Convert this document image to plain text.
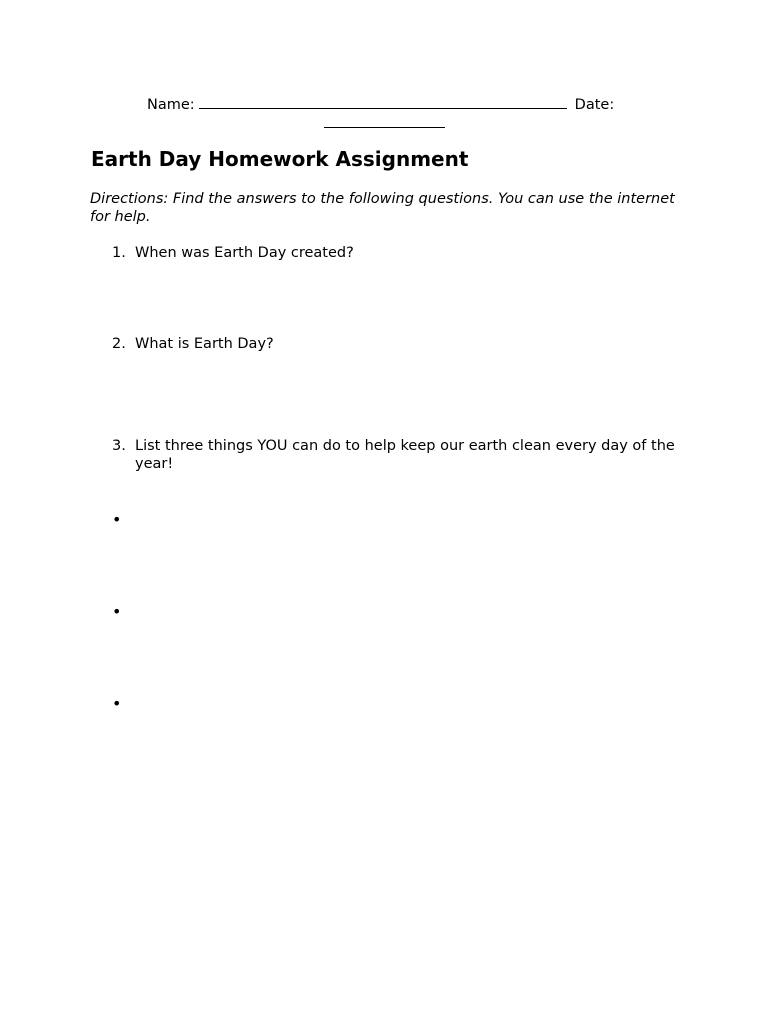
Name:	Date:
Earth Day Homework Assignment
Directions: Find the answers to the following questions. You can use the internet for help.
1. When was Earth Day created?
2. What is Earth Day?
3. List three things YOU can do to help keep our earth clean every day of the year!
•
•
•
